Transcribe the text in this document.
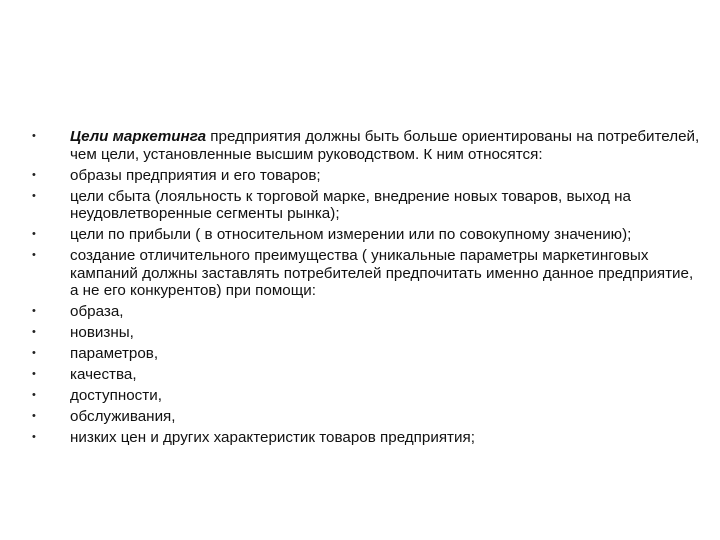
• Цели маркетинга предприятия должны быть больше ориентированы на потребителей, чем цели, установленные высшим руководством. К ним относятся:
• образы предприятия и его товаров;
• цели сбыта (лояльность к торговой марке, внедрение новых товаров, выход на неудовлетворенные сегменты рынка);
• цели по прибыли ( в относительном измерении или по совокупному значению);
• создание отличительного преимущества ( уникальные параметры маркетинговых кампаний должны заставлять потребителей предпочитать именно данное предприятие, а не его конкурентов) при помощи:
• образа,
• новизны,
• параметров,
• качества,
• доступности,
• обслуживания,
• низких цен и других характеристик товаров предприятия;
